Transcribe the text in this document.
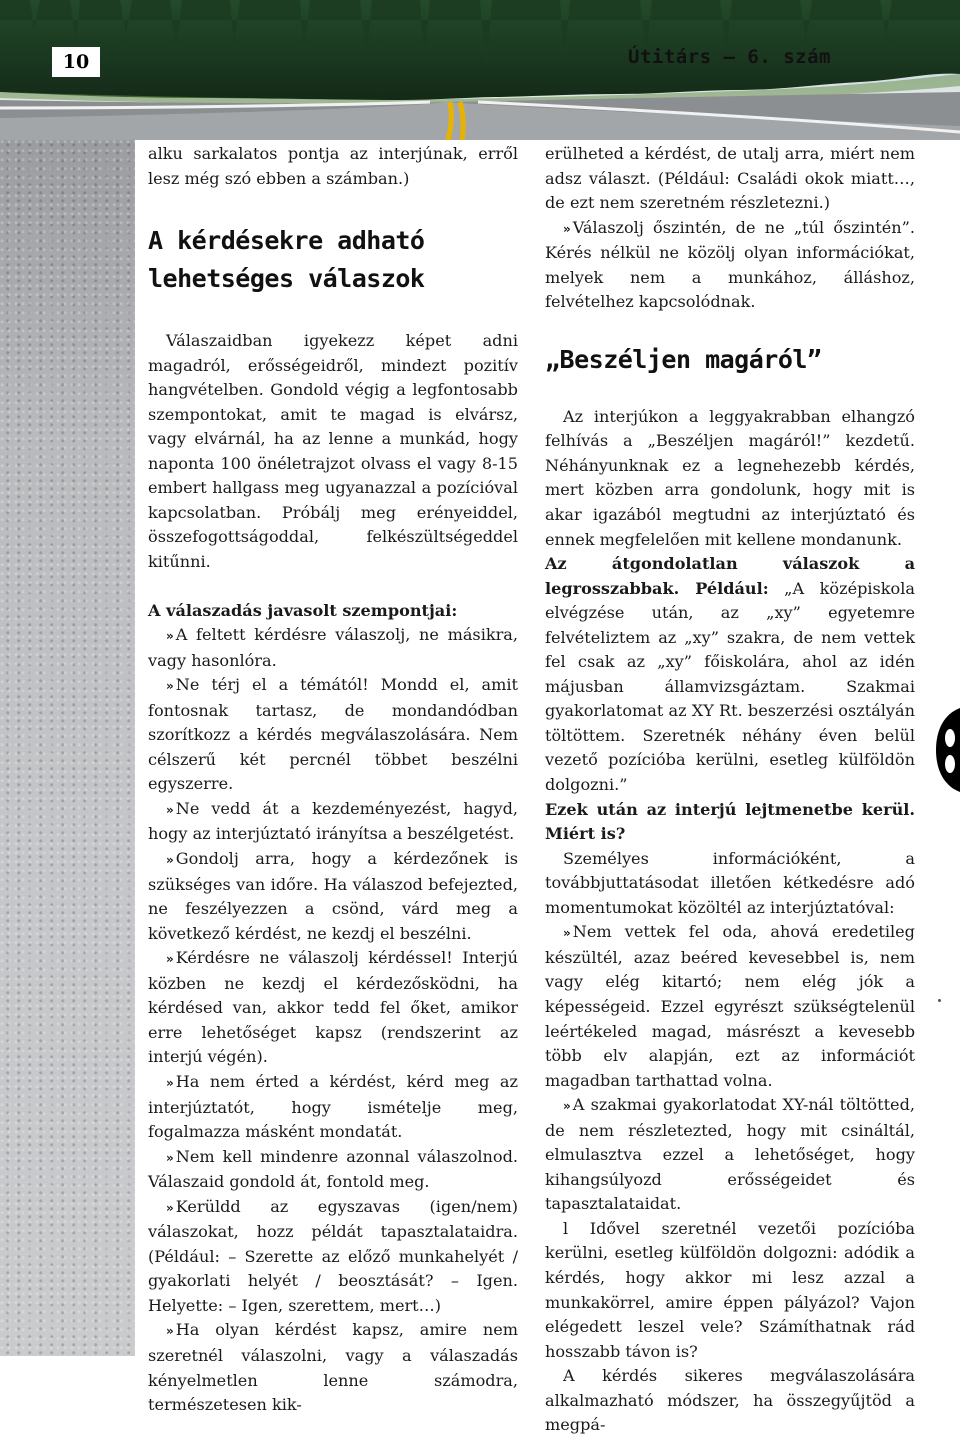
10	Útitárs — 6. szám

alku sarkalatos pontja az interjúnak, erről lesz még szó ebben a számban.)

A kérdésekre adható lehetséges válaszok

Válaszaidban igyekezz képet adni magadról, erősségeidről, mindezt pozitív hangvételben. Gondold végig a legfontosabb szempontokat, amit te magad is elvársz, vagy elvárnál, ha az lenne a munkád, hogy naponta 100 önéletrajzot olvass el vagy 8-15 embert hallgass meg ugyanazzal a pozícióval kapcsolatban. Próbálj meg erényeiddel, összefogottságoddal, felkészültségeddel kitűnni.

A válaszadás javasolt szempontjai:

» A feltett kérdésre válaszolj, ne másikra, vagy hasonlóra.

» Ne térj el a témától! Mondd el, amit fontosnak tartasz, de mondandódban szorítkozz a kérdés megválaszolására. Nem célszerű két percnél többet beszélni egyszerre.

» Ne vedd át a kezdeményezést, hagyd, hogy az interjúztató irányítsa a beszélgetést.

» Gondolj arra, hogy a kérdezőnek is szükséges van időre. Ha válaszod befejezted, ne feszélyezzen a csönd, várd meg a következő kérdést, ne kezdj el beszélni.

» Kérdésre ne válaszolj kérdéssel! Interjú közben ne kezdj el kérdezősködni, ha kérdésed van, akkor tedd fel őket, amikor erre lehetőséget kapsz (rendszerint az interjú végén).

» Ha nem érted a kérdést, kérd meg az interjúztatót, hogy ismételje meg, fogalmazza másként mondatát.

» Nem kell mindenre azonnal válaszolnod. Válaszaid gondold át, fontold meg.

» Kerüldd az egyszavas (igen/nem) válaszokat, hozz példát tapasztalataidra. (Például: – Szerette az előző munkahelyét / gyakorlati helyét / beosztását? – Igen. Helyette: – Igen, szerettem, mert…)

» Ha olyan kérdést kapsz, amire nem szeretnél válaszolni, vagy a válaszadás kényelmetlen lenne számodra, természetesen kik-

erülheted a kérdést, de utalj arra, miért nem adsz választ. (Például: Családi okok miatt…, de ezt nem szeretném részletezni.)

» Válaszolj őszintén, de ne „túl őszintén”. Kérés nélkül ne közölj olyan információkat, melyek nem a munkához, álláshoz, felvételhez kapcsolódnak.

„Beszéljen magáról”

Az interjúkon a leggyakrabban elhangzó felhívás a „Beszéljen magáról!” kezdetű. Néhányunknak ez a legnehezebb kérdés, mert közben arra gondolunk, hogy mit is akar igazából megtudni az interjúztató és ennek megfelelően mit kellene mondanunk.

Az átgondolatlan válaszok a legrosszabbak. Például: „A középiskola elvégzése után, az „xy” egyetemre felvételiztem az „xy” szakra, de nem vettek fel csak az „xy” főiskolára, ahol az idén májusban államvizsgáztam. Szakmai gyakorlatomat az XY Rt. beszerzési osztályán töltöttem. Szeretnék néhány éven belül vezető pozícióba kerülni, esetleg külföldön dolgozni.”

Ezek után az interjú lejtmenetbe kerül. Miért is?

Személyes információként, a továbbjuttatásodat illetően kétkedésre adó momentumokat közöltél az interjúztatóval:

» Nem vettek fel oda, ahová eredetileg készültél, azaz beéred kevesebbel is, nem vagy elég kitartó; nem elég jók a képességeid. Ezzel egyrészt szükségtelenül leértékeled magad, másrészt a kevesebb több elv alapján, ezt az információt magadban tarthattad volna.

» A szakmai gyakorlatodat XY-nál töltötted, de nem részletezted, hogy mit csináltál, elmulasztva ezzel a lehetőséget, hogy kihangsúlyozd erősségeidet és tapasztalataidat.

l Idővel szeretnél vezetői pozícióba kerülni, esetleg külföldön dolgozni: adódik a kérdés, hogy akkor mi lesz azzal a munkakörrel, amire éppen pályázol? Vajon elégedett leszel vele? Számíthatnak rád hosszabb távon is?

A kérdés sikeres megválaszolására alkalmazható módszer, ha összegyűjtöd a megpá-
